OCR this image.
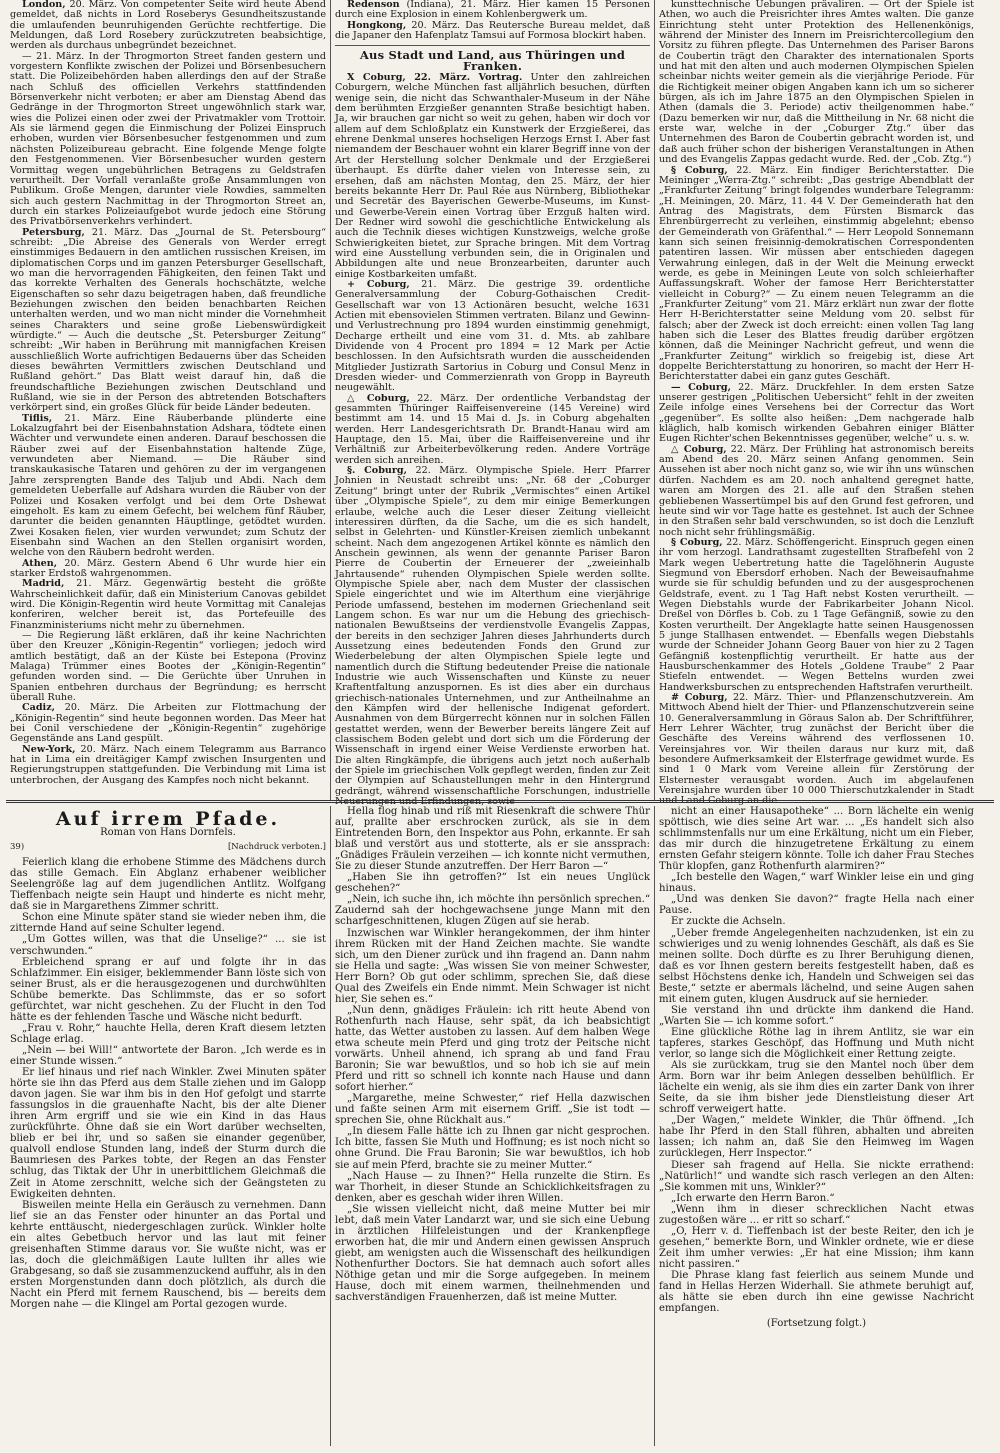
London, 20. März. Von competenter Seite wird heute Abend gemeldet, daß nichts in Lord Roseberys Gesundheitszustande die umlaufenden beunruhigenden Gerüchte rechtfertige. Die Meldungen, daß Lord Rosebery zurückzutreten beabsichtige, werden als durchaus unbegründet bezeichnet.

— 21. März. In der Throgmorton Street fanden gestern und vorgestern Konflikte zwischen der Polizei und Börsenbesuchern statt. Die Polizeibehörden haben allerdings den auf der Straße nach Schluß des officiellen Verkehrs stattfindenden Börsenverkehr nicht verboten; er aber am Dienstag Abend das Gedränge in der Throgmorton Street ungewöhnlich stark war, wies die Polizei einen oder zwei der Privatmakler vom Trottoir. Als sie lärmend gegen die Einmischung der Polizei Einspruch erhoben, wurden vier Börsenbesucher festgenommen und zum nächsten Polizeibureau gebracht. Eine folgende Menge folgte den Festgenommenen. Vier Börsenbesucher wurden gestern Vormittag wegen ungebührlichen Betragens zu Geldstrafen verurtheilt. Der Vorfall veranlaßte große Ansammlungen von Publikum. Große Mengen, darunter viele Rowdies, sammelten sich auch gestern Nachmittag in der Throgmorton Street an, durch ein starkes Polizeiaufgebot wurde jedoch eine Störung des Privatbörsenverkehrs verhindert.

Petersburg, 21. März. Das „Journal de St. Petersbourg“ schreibt: „Die Abreise des Generals von Werder erregt einstimmiges Bedauern in den amtlichen russischen Kreisen, im diplomatischen Corps und im ganzen Petersburger Gesellschaft, wo man die hervorragenden Fähigkeiten, den feinen Takt und das korrekte Verhalten des Generals hochschätzte, welche Eigenschaften so sehr dazu beigetragen haben, daß freundliche Beziehungen zwischen den beiden benachbarten Reichen unterhalten werden, und wo man nicht minder die Vornehmheit seines Charakters und seine große Liebenswürdigkeit würdigte.“ — Auch die deutsche „St. Petersburger Zeitung“ schreibt: „Wir haben in Berührung mit mannigfachen Kreisen ausschließlich Worte aufrichtigen Bedauerns über das Scheiden dieses bewährten Vermittlers zwischen Deutschland und Rußland gehört.“ Das Blatt weist darauf hin, daß die freundschaftliche Beziehungen zwischen Deutschland und Rußland, wie sie in der Person des abtretenden Botschafters verkörpert sind, ein großes Glück für beide Länder bedeuten.

Tiflis, 21. März. Eine Räuberbande plünderte eine Lokalzugfahrt bei der Eisenbahnstation Adshara, tödtete einen Wächter und verwundete einen anderen. Darauf beschossen die Räuber zwei auf der Eisenbahnstation haltende Züge, verwundeten aber Niemand. — Die Räuber sind transkaukasische Tataren und gehören zu der im vergangenen Jahre zersprengten Bande des Taljub und Abdi. Nach dem gemeldeten Ueberfalle auf Adshara wurden die Räuber von der Polizei und Kosaken verfolgt und bei dem Orte Dshewat eingeholt. Es kam zu einem Gefecht, bei welchem fünf Räuber, darunter die beiden genannten Häuptlinge, getödtet wurden. Zwei Kosaken fielen, vier wurden verwundet; zum Schutz der Eisenbahn sind Wachen an den Stellen organisirt worden, welche von den Räubern bedroht werden.

Athen, 20. März. Gestern Abend 6 Uhr wurde hier ein starker Erdstoß wahrgenommen.

Madrid, 21. März. Gegenwärtig besteht die größte Wahrscheinlichkeit dafür, daß ein Ministerium Canovas gebildet wird. Die Königin-Regentin wird heute Vormittag mit Canalejas konferiren, welcher bereit ist, das Portefeuille des Finanzministeriums nicht mehr zu übernehmen.

— Die Regierung läßt erklären, daß ihr keine Nachrichten über den Kreuzer „Königin-Regentin“ vorliegen; jedoch wird amtlich bestätigt, daß an der Küste bei Estepona (Provinz Malaga) Trümmer eines Bootes der „Königin-Regentin“ gefunden worden sind. — Die Gerüchte über Unruhen in Spanien entbehren durchaus der Begründung; es herrscht überall Ruhe.

Cadiz, 20. März. Die Arbeiten zur Flottmachung der „Königin-Regentin“ sind heute begonnen worden. Das Meer hat bei Conil verschiedene der „Königin-Regentin“ zugehörige Gegenstände ans Land gespült.

New-York, 20. März. Nach einem Telegramm aus Barranco hat in Lima ein dreitägiger Kampf zwischen Insurgenten und Regierungstruppen stattgefunden. Die Verbindung mit Lima ist unterbrochen, der Ausgang des Kampfes noch nicht bekannt.

Redenson (Indiana), 21. März. Hier kamen 15 Personen durch eine Explosion in einem Kohlenbergwerk um.

Hongkong, 20. März. Das Reutersche Bureau meldet, daß die Japaner den Hafenplatz Tamsui auf Formosa blockirt haben.

Aus Stadt und Land, aus Thüringen und Franken.

X Coburg, 22. März. Vortrag. Unter den zahlreichen Coburgern, welche München fast alljährlich besuchen, dürften wenige sein, die nicht das Schwanthaler-Museum in der Nähe dem berühmten Erzgießer genannten Straße besichtigt haben. Ja, wir brauchen gar nicht so weit zu gehen, haben wir doch vor allem auf dem Schloßplatz ein Kunstwerk der Erzgießerei, das ehrene Denkmal unseres hochseligen Herzogs Ernst I. Aber fast niemandem der Beschauer wohnt ein klarer Begriff inne von der Art der Herstellung solcher Denkmale und der Erzgießerei überhaupt. Es dürfte daher vielen von Interesse sein, zu ersehen, daß am nächsten Montag, den 25. März, der hier bereits bekannte Herr Dr. Paul Rée aus Nürnberg, Bibliothekar und Secretär des Bayerischen Gewerbe-Museums, im Kunst- und Gewerbe-Verein einen Vortrag über Erzguß halten wird. Der Redner wird sowohl die geschichtliche Entwickelung als auch die Technik dieses wichtigen Kunstzweigs, welche große Schwierigkeiten bietet, zur Sprache bringen. Mit dem Vortrag wird eine Ausstellung verbunden sein, die in Originalen und Abbildungen alte und neue Bronzearbeiten, darunter auch einige Kostbarkeiten umfaßt.

+ Coburg, 21. März. Die gestrige 39. ordentliche Generalversammlung der Coburg-Gothaischen Credit-Gesellschaft war von 13 Actionären besucht, welche 1631 Actien mit ebensovielen Stimmen vertraten. Bilanz und Gewinn- und Verlustrechnung pro 1894 wurden einstimmig genehmigt, Decharge ertheilt und eine vom 31. d. Mts. ab zahlbare Dividende von 4 Procent pro 1894 = 12 Mark per Actie beschlossen. In den Aufsichtsrath wurden die ausscheidenden Mitglieder Justizrath Sartorius in Coburg und Consul Menz in Dresden wieder- und Commerzienrath von Gropp in Bayreuth neugewählt.

△ Coburg, 22. März. Der ordentliche Verbandstag der gesammten Thüringer Raiffeisenvereine (145 Vereine) wird bestimmt am 14. und 15 Mai d. Js. in Coburg abgehalten werden. Herr Landesgerichtsrath Dr. Brandt-Hanau wird am Hauptage, den 15. Mai, über die Raiffeisenvereine und ihr Verhältniß zur Arbeiterbevölkerung reden. Andere Vorträge werden sich anreihen.

§. Coburg, 22. März. Olympische Spiele. Herr Pfarrer Johnien in Neustadt schreibt uns: „Nr. 68 der „Coburger Zeitung“ bringt unter der Rubrik „Vermischtes“ einen Artikel über „Olympische Spiele“, zu dem mir einige Bemerkungen erlaube, welche auch die Leser dieser Zeitung vielleicht interessiren dürften, da die Sache, um die es sich handelt, selbst in Gelehrten- und Künstler-Kreisen ziemlich unbekannt scheint. Nach dem angezogenen Artikel könnte es nämlich den Anschein gewinnen, als wenn der genannte Pariser Baron Pierre de Coubertin der Erneuerer der „zweieinhalb Jahrtausende“ ruhenden Olympischen Spiele werden sollte. Olympische Spiele aber, nach dem Muster der classischen Spiele eingerichtet und wie im Alterthum eine vierjährige Periode umfassend, bestehen im modernen Griechenland seit Langem schon. Es war nur um die Hebung des griechisch-nationalen Bewußtseins der verdienstvolle Evangelis Zappas, der bereits in den sechziger Jahren dieses Jahrhunderts durch Aussetzung eines bedeutenden Fonds den Grund zur Wiederbelebung der alten Olympischen Spiele legte und namentlich durch die Stiftung bedeutender Preise die nationale Industrie wie auch Wissenschaften und Künste zu neuer Kraftentfaltung anzuspornen. Es ist dies aber ein durchaus griechisch-nationales Unternehmen, und zur Antheilnahme an den Kämpfen wird der hellenische Indigenat gefordert. Ausnahmen von dem Bürgerrecht können nur in solchen Fällen gestattet werden, wenn der Bewerber bereits längere Zeit auf classischem Boden gelebt und dort sich um die Förderung der Wissenschaft in irgend einer Weise Verdienste erworben hat. Die alten Ringkämpfe, die übrigens auch jetzt noch außerhalb der Spiele im griechischen Volk gepflegt werden, finden zur Zeit der Olympien auf Schaustellungen mehr in den Hintergrund gedrängt, während wissenschaftliche Forschungen, industrielle Neuerungen und Erfindungen, sowie

kunsttechnische Uebungen prävaliren. — Ort der Spiele ist Athen, wo auch die Preisrichter ihres Amtes walten. Die ganze Einrichtung steht unter Protektion des Hellenenkönigs, während der Minister des Innern im Preisrichtercollegium den Vorsitz zu führen pflegte. Das Unternehmen des Pariser Barons de Coubertin trägt den Charakter des internationalen Sports und hat mit den alten und auch modernen Olympischen Spielen scheinbar nichts weiter gemein als die vierjährige Periode. Für die Richtigkeit meiner obigen Angaben kann ich um so sicherer bürgen, als ich im Jahre 1875 an den Olympischen Spielen in Athen (damals die 3. Periode) activ theilgenommen habe.“ (Dazu bemerken wir nur, daß die Mittheilung in Nr. 68 nicht die erste war, welche in der „Coburger Ztg.“ über das Unternehmen des Baron de Coubertin gebracht worden ist, und daß auch früher schon der bisherigen Veranstaltungen in Athen und des Evangelis Zappas gedacht wurde. Red. der „Cob. Ztg.“)

§ Coburg, 22. März. Ein findiger Berichterstatter. Die Meininger „Werra-Ztg.“ schreibt: „Das gestrige Abendblatt der „Frankfurter Zeitung“ bringt folgendes wunderbare Telegramm: „H. Meiningen, 20. März, 11. 44 V. Der Gemeinderath hat den Antrag des Magistrats, dem Fürsten Bismarck das Ehrenbürgerrecht zu verleihen, einstimmig abgelehnt; ebenso der Gemeinderath von Gräfenthal.“ — Herr Leopold Sonnemann kann sich seinen freisinnig-demokratischen Correspondenten patentiren lassen. Wir müssen aber entschieden dagegen Verwahrung einlegen, daß in der Welt die Meinung erweckt werde, es gebe in Meiningen Leute von solch schleierhafter Auffassungskraft. Woher der famose Herr Berichterstatter vielleicht in Coburg?“ — Zu einem neuen Telegramm an die „Frankfurter Zeitung“ vom 21. März erklärt nun zwar der flotte Herr H-Berichterstatter seine Meldung vom 20. selbst für falsch; aber der Zweck ist doch erreicht: einen vollen Tag lang haben sich die Leser des Blattes freudig darüber ergötzen können, daß die Meininger Nachricht gefreut, und wenn die „Frankfurter Zeitung“ wirklich so freigebig ist, diese Art doppelte Berichterstattung zu honoriren, so macht der Herr H-Berichterstatter dabei ein ganz gutes Geschäft.

— Coburg, 22. März. Druckfehler. In dem ersten Satze unserer gestrigen „Politischen Uebersicht“ fehlt in der zweiten Zeile infolge eines Versehens bei der Correctur das Wort „gegenüber“. Es sollte also heißen: „Dem nachgerade halb kläglich, halb komisch wirkenden Gebahren einiger Blätter Eugen Richter'schen Bekenntnisses gegenüber, welche“ u. s. w.

△ Coburg, 22. März. Der Frühling hat astronomisch bereits am Abend des 20. März seinen Anfang genommen. Sein Aussehen ist aber noch nicht ganz so, wie wir ihn uns wünschen dürfen. Nachdem es am 20. noch anhaltend geregnet hatte, waren am Morgen des 21. alle auf den Straßen stehen gebliebenen Wassertümpel bis auf den Grund fest gefroren, und heute sind wir vor Tage hatte es gestehnet. Ist auch der Schnee in den Straßen sehr bald verschwunden, so ist doch die Lenzluft noch nicht sehr frühlingsmäßig.

§ Coburg, 22. März. Schöffengericht. Einspruch gegen einen ihr vom herzogl. Landrathsamt zugestellten Strafbefehl von 2 Mark wegen Uebertretung hatte die Tagelöhnerin Auguste Siegmund von Ebersdorf erhoben. Nach der Beweisaufnahme wurde sie für schuldig befunden und zu der ausgesprochenen Geldstrafe, event. zu 1 Tag Haft nebst Kosten verurtheilt. — Wegen Diebstahls wurde der Fabrikarbeiter Johann Nicol. Dreßel von Dörfles b. Cob. zu 1 Tage Gefängniß, sowie zu den Kosten verurtheilt. Der Angeklagte hatte seinen Hausgenossen 5 junge Stallhasen entwendet. — Ebenfalls wegen Diebstahls wurde der Schneider Johann Georg Bauer von hier zu 2 Tagen Gefängniß kostenpflichtig verurtheilt. Er hatte aus der Hausburschenkammer des Hotels „Goldene Traube“ 2 Paar Stiefeln entwendet. — Wegen Bettelns wurden zwei Handwerksburschen zu entsprechenden Haftstrafen verurtheilt.

# Coburg, 22. März. Thier- und Pflanzenschutzverein. Am Mittwoch Abend hielt der Thier- und Pflanzenschutzverein seine 10. Generalversammlung in Göraus Salon ab. Der Schriftführer, Herr Lehrer Wächter, trug zunächst der Bericht über die Geschäfte des Vereins während des verflossenen 10. Vereinsjahres vor. Wir theilen daraus nur kurz mit, daß besondere Aufmerksamkeit der Elsterfrage gewidmet wurde. Es sind 1 0 Mark vom Vereine allein für Zerstörung der Elsternester verausgabt worden. Auch im abgelaufenen Vereinsjahre wurden über 10 000 Thierschutzkalender in Stadt und Land Coburg an die

Auf irrem Pfade.
Roman von Hans Dornfels.
39)	[Nachdruck verboten.]

Feierlich klang die erhobene Stimme des Mädchens durch das stille Gemach. Ein Abglanz erhabener weiblicher Seelengröße lag auf dem jugendlichen Antlitz. Wolfgang Tieffenbach neigte sein Haupt und hinderte es nicht mehr, daß sie in Margarethens Zimmer schritt.

Schon eine Minute später stand sie wieder neben ihm, die zitternde Hand auf seine Schulter legend.

„Um Gottes willen, was that die Unselige?“ ... sie ist verschwunden.“

Erbleichend sprang er auf und folgte ihr in das Schlafzimmer. Ein eisiger, beklemmender Bann löste sich von seiner Brust, als er die herausgezogenen und durchwühlten Schübe bemerkte. Das Schlimmste, das er so sofort gefürchtet, war nicht geschehen. Zu der Flucht in den Tod hätte es der fehlenden Tasche und Wäsche nicht bedurft.

„Frau v. Rohr,“ hauchte Hella, deren Kraft diesem letzten Schlage erlag.

„Nein — bei Will!“ antwortete der Baron. „Ich werde es in einer Stunde wissen.“

Er lief hinaus und rief nach Winkler. Zwei Minuten später hörte sie ihn das Pferd aus dem Stalle ziehen und im Galopp davon jagen. Sie war ihm bis in den Hof gefolgt und starrte fassungslos in die grauenhafte Nacht, bis der alte Diener ihren Arm ergriff und sie wie ein Kind in das Haus zurückführte. Ohne daß sie ein Wort darüber wechselten, blieb er bei ihr, und so saßen sie einander gegenüber, qualvoll endlose Stunden lang, indeß der Sturm durch die Baumriesen des Parkes tobte, der Regen an das Fenster schlug, das Tiktak der Uhr in unerbittlichem Gleichmaß die Zeit in Atome zerschnitt, welche sich der Geängsteten zu Ewigkeiten dehnten.

Bisweilen meinte Hella ein Geräusch zu vernehmen. Dann lief sie an das Fenster oder hinunter an das Portal und kehrte enttäuscht, niedergeschlagen zurück. Winkler holte ein altes Gebetbuch hervor und las laut mit feiner greisenhaften Stimme daraus vor. Sie wußte nicht, was er las, doch die gleichmäßigen Laute lullten ihr alles wie Grabgesang, so daß sie zusammenzuckend auffuhr, als in den ersten Morgenstunden dann doch plötzlich, als durch die Nacht ein Pferd mit fernem Rauschend, bis — bereits dem Morgen nahe — die Klingel am Portal gezogen wurde.

Hella flog hinab und riß mit Riesenkraft die schwere Thür auf, prallte aber erschrocken zurück, als sie in dem Eintretenden Born, den Inspektor aus Pohn, erkannte. Er sah blaß und verstört aus und stotterte, als er sie anssprach: „Gnädiges Fräulein verzeihen — ich konnte nicht vermuthen, Sie zu dieser Stunde anzutreffen. Der Herr Baron —“

„Haben Sie ihn getroffen?“ Ist ein neues Unglück geschehen?“

„Nein, ich suche ihn, ich möchte ihn persönlich sprechen.“ Zaudernd sah der hochgewachsene junge Mann mit den scharfgeschnittenen, klugen Zügen auf sie herab.

Inzwischen war Winkler herangekommen, der ihm hinter ihrem Rücken mit der Hand Zeichen machte. Sie wandte sich, um den Diener zurück und ihn fragend an. Dann nahm sie Hella und sagte: „Was wissen Sie von meiner Schwester, Herr Born? Ob gut oder schlimm, sprechen Sie, daß diese Qual des Zweifels ein Ende nimmt. Mein Schwager ist nicht hier, Sie sehen es.“

„Nun denn, gnädiges Fräulein: ich ritt heute Abend von Rothenfurth nach Hause, sehr spät, da ich beabsichtigt hatte, das Wetter austoben zu lassen. Auf dem halben Wege etwa scheute mein Pferd und ging trotz der Peitsche nicht vorwärts. Unheil ahnend, ich sprang ab und fand Frau Baronin; Sie war bewußtlos, und so hob ich sie auf mein Pferd und ritt so schnell ich konnte nach Hause und dann sofort hierher.“

„Margarethe, meine Schwester,“ rief Hella dazwischen und faßte seinen Arm mit eisernem Griff. „Sie ist todt — sprechen Sie, ohne Rückhalt aus.“

„In diesem Falle hätte ich zu Ihnen gar nicht gesprochen. Ich bitte, fassen Sie Muth und Hoffnung; es ist noch nicht so ohne Grund. Die Frau Baronin; Sie war bewußtlos, ich hob sie auf mein Pferd, brachte sie zu meiner Mutter.“

„Nach Hause — zu Ihnen?“ Hella runzelte die Stirn. Es war Thorheit, in dieser Stunde an Schicklichkeitsfragen zu denken, aber es geschah wider ihren Willen.

„Sie wissen vielleicht nicht, daß meine Mutter bei mir lebt, daß mein Vater Landarzt war, und sie sich eine Uebung in ärztlichen Hilfeleistungen und der Krankenpflege erworben hat, die mir und Andern einen gewissen Anspruch giebt, am wenigsten auch die Wissenschaft des heilkundigen Nothenfurther Doctors. Sie hat demnach auch sofort alles Nöthige getan und mir die Sorge aufgegeben. In meinem Hause, doch mit einem warmen, theilnehmenden und sachverständigen Frauenherzen, daß ist meine Mutter.

nicht an einer Hausapotheke“ ... Born lächelte ein wenig spöttisch, wie dies seine Art war. ... „Es handelt sich also schlimmstenfalls nur um eine Erkältung, nicht um ein Fieber, das mir durch die hinzugetretene Erkältung zu einem ernsten Gefahr steigern könnte. Tolle ich daher Frau Steches Thür klopfen, ganz Rothenfurth alarmiren?“

„Ich bestelle den Wagen,“ warf Winkler leise ein und ging hinaus.

„Und was denken Sie davon?“ fragte Hella nach einer Pause.

Er zuckte die Achseln.

„Ueber fremde Angelegenheiten nachzudenken, ist ein zu schwieriges und zu wenig lohnendes Geschäft, als daß es Sie meinen sollte. Doch dürfte es zu Ihrer Beruhigung dienen, daß es vor Ihnen gestern bereits festgestellt haben, daß es selbst Höchstens denke ich, Handeln und Schweigen sei das Beste,“ setzte er abermals lächelnd, und seine Augen sahen mit einem guten, klugen Ausdruck auf sie hernieder.

Sie verstand ihn und drückte ihm dankend die Hand. „Warten Sie — ich komme sofort.“

Eine glückliche Röthe lag in ihrem Antlitz, sie war ein tapferes, starkes Geschöpf, das Hoffnung und Muth nicht verlor, so lange sich die Möglichkeit einer Rettung zeigte.

Als sie zurückkam, trug sie den Mantel noch über dem Arm. Born war ihr beim Anlegen desselben behülflich. Er lächelte ein wenig, als sie ihm dies ein zarter Dank von ihrer Seite, da sie ihm bisher jede Dienstleistung dieser Art schroff verweigert hatte.

„Der Wagen,“ meldete Winkler, die Thür öffnend. „Ich habe Ihr Pferd in den Stall führen, abhalten und abreiten lassen; ich nahm an, daß Sie den Heimweg im Wagen zurücklegen, Herr Inspector.“

Dieser sah fragend auf Hella. Sie nickte errathend: „Natürlich!“ und wandte sich rasch verlegen an den Alten: „Sie kommen mit uns, Winkler?“

„Ich erwarte den Herrn Baron.“

„Wenn ihm in dieser schrecklichen Nacht etwas zugestoßen wäre ... er ritt so scharf.“

„O, Herr v. d. Tieffenbach ist der beste Reiter, den ich je gesehen,“ bemerkte Born, und Winkler ordnete, wie er diese Zeit ihm umher verwies: „Er hat eine Mission; ihm kann nicht passiren.“

Die Phrase klang fast feierlich aus seinem Munde und fand in Hellas Herzen Widerhall. Sie athmete beruhigt auf, als hätte sie eben durch ihn eine gewisse Nachricht empfangen.

(Fortsetzung folgt.)
